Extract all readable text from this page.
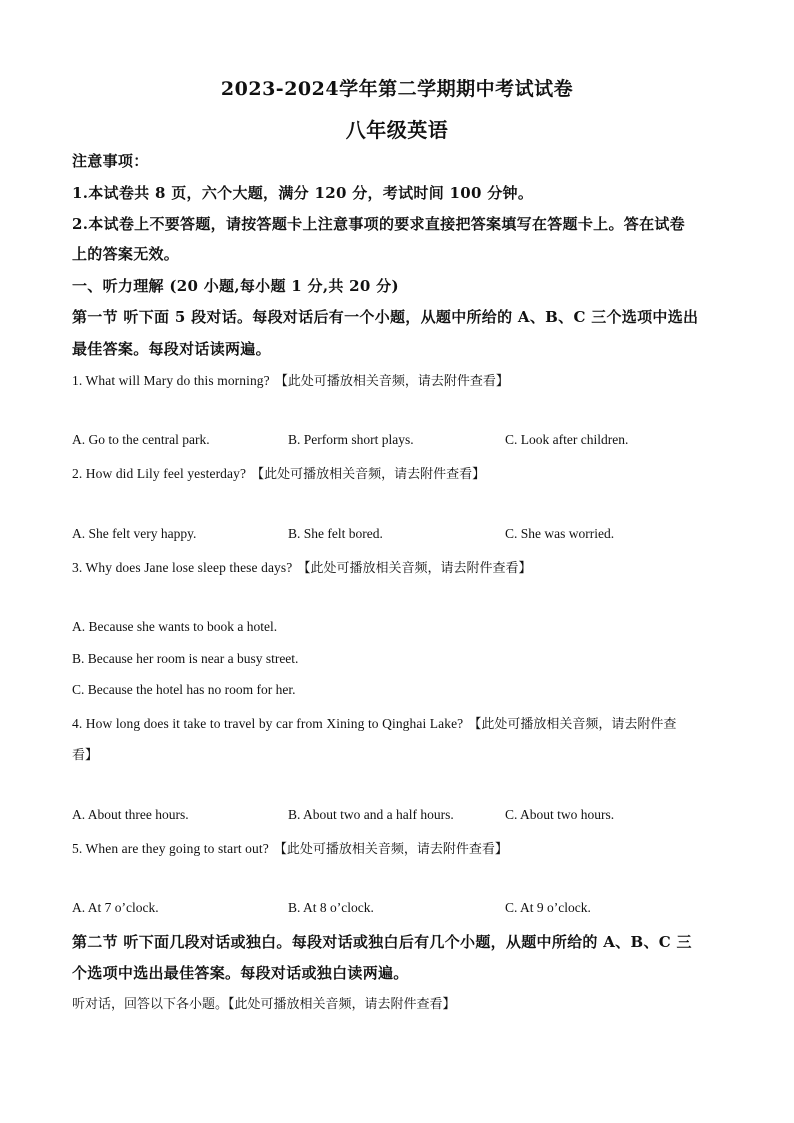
2023-2024学年第二学期期中考试试卷
八年级英语
注意事项：
1.本试卷共 8 页，六个大题，满分 120 分，考试时间 100 分钟。
2.本试卷上不要答题，请按答题卡上注意事项的要求直接把答案填写在答题卡上。答在试卷
上的答案无效。
一、听力理解 (20 小题,每小题 1 分,共 20 分)
第一节 听下面 5 段对话。每段对话后有一个小题，从题中所给的 A、B、C 三个选项中选出
最佳答案。每段对话读两遍。
1. What will Mary do this morning? 【此处可播放相关音频，请去附件查看】
A. Go to the central park.	B. Perform short plays.	C. Look after children.
2. How did Lily feel yesterday? 【此处可播放相关音频，请去附件查看】
A. She felt very happy.	B. She felt bored.	C. She was worried.
3. Why does Jane lose sleep these days? 【此处可播放相关音频，请去附件查看】
A. Because she wants to book a hotel.
B. Because her room is near a busy street.
C. Because the hotel has no room for her.
4. How long does it take to travel by car from Xining to Qinghai Lake? 【此处可播放相关音频，请去附件查
看】
A. About three hours.	B. About two and a half hours.	C. About two hours.
5. When are they going to start out? 【此处可播放相关音频，请去附件查看】
A. At 7 o’clock.	B. At 8 o’clock.	C. At 9 o’clock.
第二节 听下面几段对话或独白。每段对话或独白后有几个小题，从题中所给的 A、B、C 三
个选项中选出最佳答案。每段对话或独白读两遍。
听对话，回答以下各小题。【此处可播放相关音频，请去附件查看】
